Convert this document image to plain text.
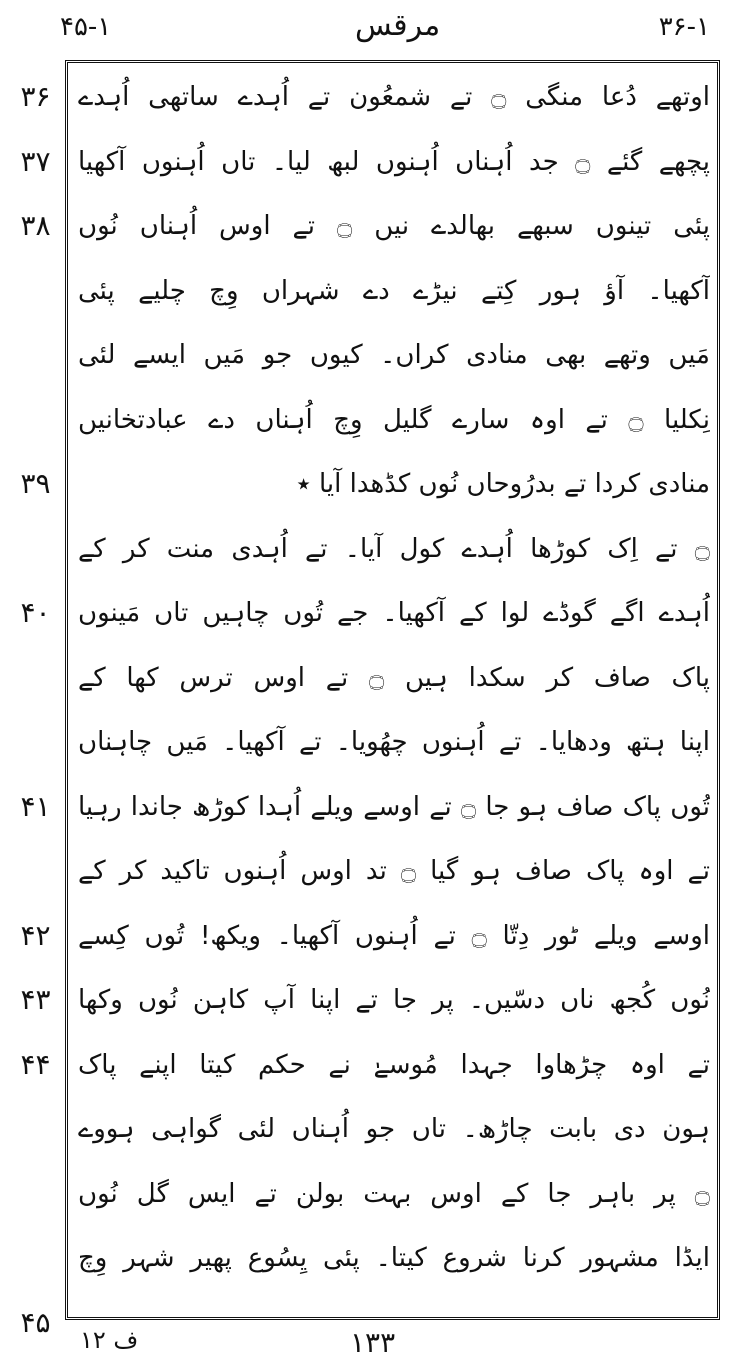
۴۵-۱	مرقس	۳۶-۱
۳۶
۳۷
۳۸
۳۹
۴۰
۴۱
۴۲
۴۳
۴۴
۴۵
اوتھے دُعا منگی ۝ تے شمعُون تے اُہدے ساتھی اُہدے
پچھے گئے ۝ جد اُہناں اُہنوں لبھ لیا۔ تاں اُہنوں آکھیا
پئی تینوں سبھے بھالدے نیں ۝ تے اوس اُہناں نُوں
آکھیا۔ آؤ ہور کِتے نیڑے دے شہراں وِچ چلیے پئی
مَیں وتھے بھی منادی کراں۔ کیوں جو مَیں ایسے لئی
نِکلیا ۝ تے اوہ سارے گلیل وِچ اُہناں دے عبادتخانیں
منادی کردا تے بدرُوحاں نُوں کڈھدا آیا ٭
۝ تے اِک کوڑھا اُہدے کول آیا۔ تے اُہدی منت کر کے
اُہدے اگے گوڈے لوا کے آکھیا۔ جے تُوں چاہیں تاں مَینوں
پاک صاف کر سکدا ہیں ۝ تے اوس ترس کھا کے
اپنا ہتھ ودھایا۔ تے اُہنوں چھُویا۔ تے آکھیا۔ مَیں چاہناں
تُوں پاک صاف ہو جا ۝ تے اوسے ویلے اُہدا کوڑھ جاندا رہیا
تے اوہ پاک صاف ہو گیا ۝ تد اوس اُہنوں تاکید کر کے
اوسے ویلے ٹور دِتّا ۝ تے اُہنوں آکھیا۔ ویکھ! تُوں کِسے
نُوں کُجھ ناں دسّیں۔ پر جا تے اپنا آپ کاہن نُوں وکھا
تے اوہ چڑھاوا جہدا مُوسےٰ نے حکم کیتا اپنے پاک
ہون دی بابت چاڑھ۔ تاں جو اُہناں لئی گواہی ہووے
۝ پر باہر جا کے اوس بہت بولن تے ایس گل نُوں
ایڈا مشہور کرنا شروع کیتا۔ پئی یِسُوع پھیر شہر وِچ
ف ۱۲	۱۳۳
